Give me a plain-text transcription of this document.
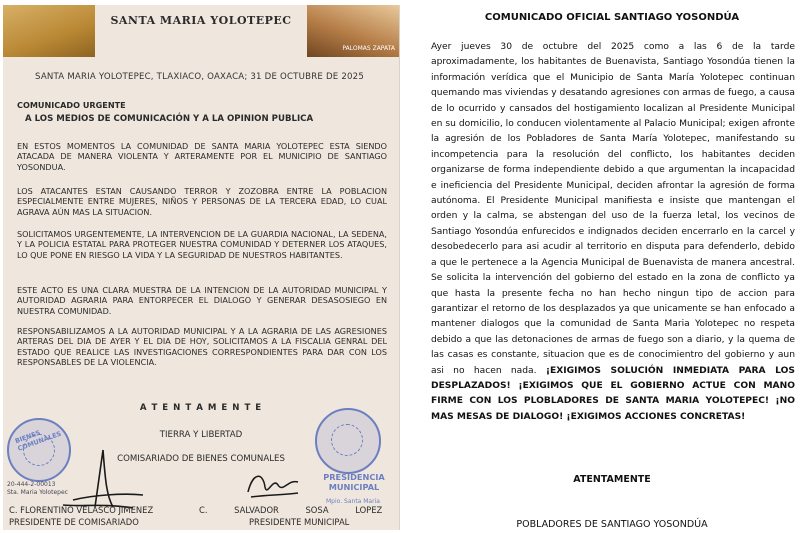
PALOMAS ZAPATA
SANTA MARIA YOLOTEPEC
SANTA MARIA YOLOTEPEC, TLAXIACO, OAXACA; 31 DE OCTUBRE DE 2025
COMUNICADO URGENTE
A LOS MEDIOS DE COMUNICACIÓN Y A LA OPINION PUBLICA
EN ESTOS MOMENTOS LA COMUNIDAD DE SANTA MARIA YOLOTEPEC ESTA SIENDO ATACADA DE MANERA VIOLENTA Y ARTERAMENTE POR EL MUNICIPIO DE SANTIAGO YOSONDUA.
LOS ATACANTES ESTAN CAUSANDO TERROR Y ZOZOBRA ENTRE LA POBLACION ESPECIALMENTE ENTRE MUJERES, NIÑOS Y PERSONAS DE LA TERCERA EDAD, LO CUAL AGRAVA AÚN MAS LA SITUACION.
SOLICITAMOS URGENTEMENTE, LA INTERVENCION DE LA GUARDIA NACIONAL, LA SEDENA, Y LA POLICIA ESTATAL PARA PROTEGER NUESTRA COMUNIDAD Y DETERNER LOS ATAQUES, LO QUE PONE EN RIESGO LA VIDA Y LA SEGURIDAD DE NUESTROS HABITANTES.
ESTE ACTO ES UNA CLARA MUESTRA DE LA INTENCION DE LA AUTORIDAD MUNICIPAL Y AUTORIDAD AGRARIA PARA ENTORPECER EL DIALOGO Y GENERAR DESASOSIEGO EN NUESTRA COMUNIDAD.
RESPONSABILIZAMOS A LA AUTORIDAD MUNICIPAL Y A LA AGRARIA DE LAS AGRESIONES ARTERAS DEL DIA DE AYER Y EL DIA DE HOY, SOLICITAMOS A LA FISCALIA GENRAL DEL ESTADO QUE REALICE LAS INVESTIGACIONES CORRESPONDIENTES PARA DAR CON LOS RESPONSABLES DE LA VIOLENCIA.
A T E N T A M E N T E
TIERRA Y LIBERTAD
COMISARIADO DE BIENES COMUNALES
BIENES COMUNALES
20-444-2-00013
Sta. Maria Yolotepec
PRESIDENCIA MUNICIPAL
Mpio. Santa Maria
C. FLORENTINO VELASCO JIMENEZ
PRESIDENTE DE COMISARIADO
C.          SALVADOR          SOSA          LOPEZ
PRESIDENTE MUNICIPAL
COMUNICADO OFICIAL SANTIAGO YOSONDÚA
Ayer jueves 30 de octubre del 2025 como a las 6 de la tarde aproximadamente, los habitantes de Buenavista, Santiago Yosondúa tienen la información verídica que el Municipio de Santa María Yolotepec continuan quemando mas viviendas y desatando agresiones con armas de fuego, a causa de lo ocurrido y cansados del hostigamiento localizan al Presidente Municipal en su domicilio, lo conducen violentamente al Palacio Municipal; exigen afronte la agresión de los Pobladores de Santa María Yolotepec, manifestando su incompetencia para la resolución del conflicto, los habitantes deciden organizarse de forma independiente debido a que argumentan la incapacidad e ineficiencia del Presidente Municipal, deciden afrontar la agresión de forma autónoma. El Presidente Municipal manifiesta e insiste que mantengan el orden y la calma, se abstengan del uso de la fuerza letal, los vecinos de Santiago Yosondúa enfurecidos e indignados deciden encerrarlo en la carcel y desobedecerlo para asi acudir al territorio en disputa para defenderlo, debido a que le pertenece a la Agencia Municipal de Buenavista de manera ancestral. Se solicita la intervención del gobierno del estado en la zona de conflicto ya que hasta la presente fecha no han hecho ningun tipo de accion para garantizar el retorno de los desplazados ya que unicamente se han enfocado a mantener dialogos que la comunidad de Santa Maria Yolotepec no respeta debido a que las detonaciones de armas de fuego son a diario, y la quema de las casas es constante, situacion que es de conocimientro del gobierno y aun asi no hacen nada. ¡EXIGIMOS SOLUCIÓN INMEDIATA PARA LOS DESPLAZADOS! ¡EXIGIMOS QUE EL GOBIERNO ACTUE CON MANO FIRME CON LOS PLOBLADORES DE SANTA MARIA YOLOTEPEC! ¡NO MAS MESAS DE DIALOGO! ¡EXIGIMOS ACCIONES CONCRETAS!
ATENTAMENTE
POBLADORES DE SANTIAGO YOSONDÚA
